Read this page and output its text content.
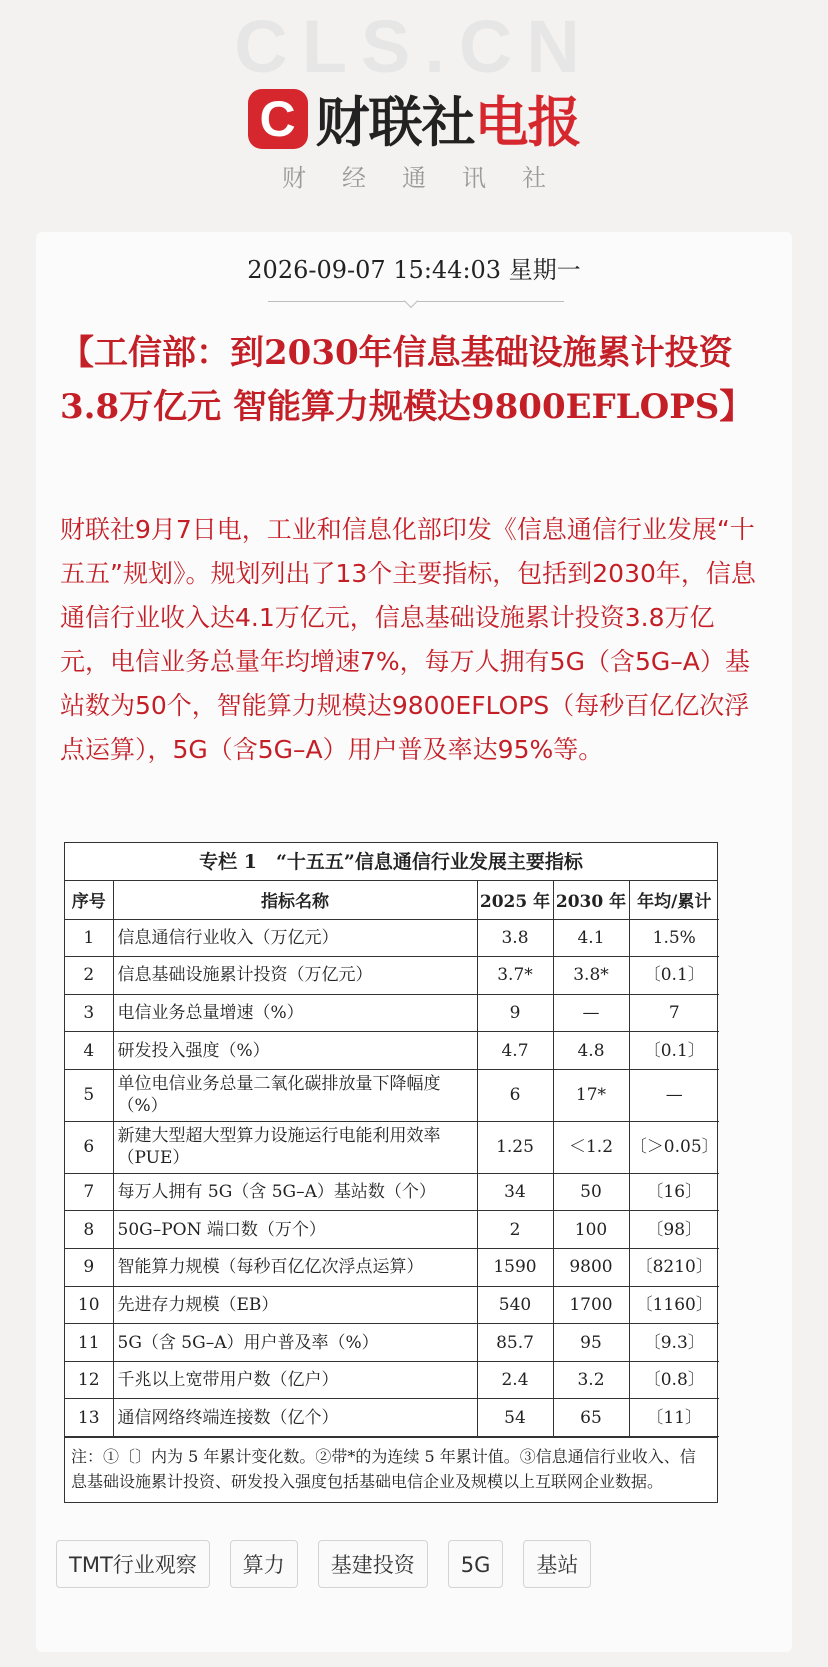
CLS.CN
C 财联社 电报
财经通讯社
2026-09-07 15:44:03 星期一
【工信部：到2030年信息基础设施累计投资3.8万亿元 智能算力规模达9800EFLOPS】
财联社9月7日电，工业和信息化部印发《信息通信行业发展“十五五”规划》。规划列出了13个主要指标，包括到2030年，信息通信行业收入达4.1万亿元，信息基础设施累计投资3.8万亿元，电信业务总量年均增速7%，每万人拥有5G（含5G–A）基站数为50个，智能算力规模达9800EFLOPS（每秒百亿亿次浮点运算），5G（含5G–A）用户普及率达95%等。
专栏 1　“十五五”信息通信行业发展主要指标
序号	指标名称	2025 年	2030 年	年均/累计
1	信息通信行业收入（万亿元）	3.8	4.1	1.5%
2	信息基础设施累计投资（万亿元）	3.7*	3.8*	〔0.1〕
3	电信业务总量增速（%）	9	—	7
4	研发投入强度（%）	4.7	4.8	〔0.1〕
5	单位电信业务总量二氧化碳排放量下降幅度（%）	6	17*	—
6	新建大型超大型算力设施运行电能利用效率（PUE）	1.25	＜1.2	〔＞0.05〕
7	每万人拥有 5G（含 5G–A）基站数（个）	34	50	〔16〕
8	50G–PON 端口数（万个）	2	100	〔98〕
9	智能算力规模（每秒百亿亿次浮点运算）	1590	9800	〔8210〕
10	先进存力规模（EB）	540	1700	〔1160〕
11	5G（含 5G–A）用户普及率（%）	85.7	95	〔9.3〕
12	千兆以上宽带用户数（亿户）	2.4	3.2	〔0.8〕
13	通信网络终端连接数（亿个）	54	65	〔11〕
注：①〔〕内为 5 年累计变化数。②带*的为连续 5 年累计值。③信息通信行业收入、信息基础设施累计投资、研发投入强度包括基础电信企业及规模以上互联网企业数据。
TMT行业观察	算力	基建投资	5G	基站
